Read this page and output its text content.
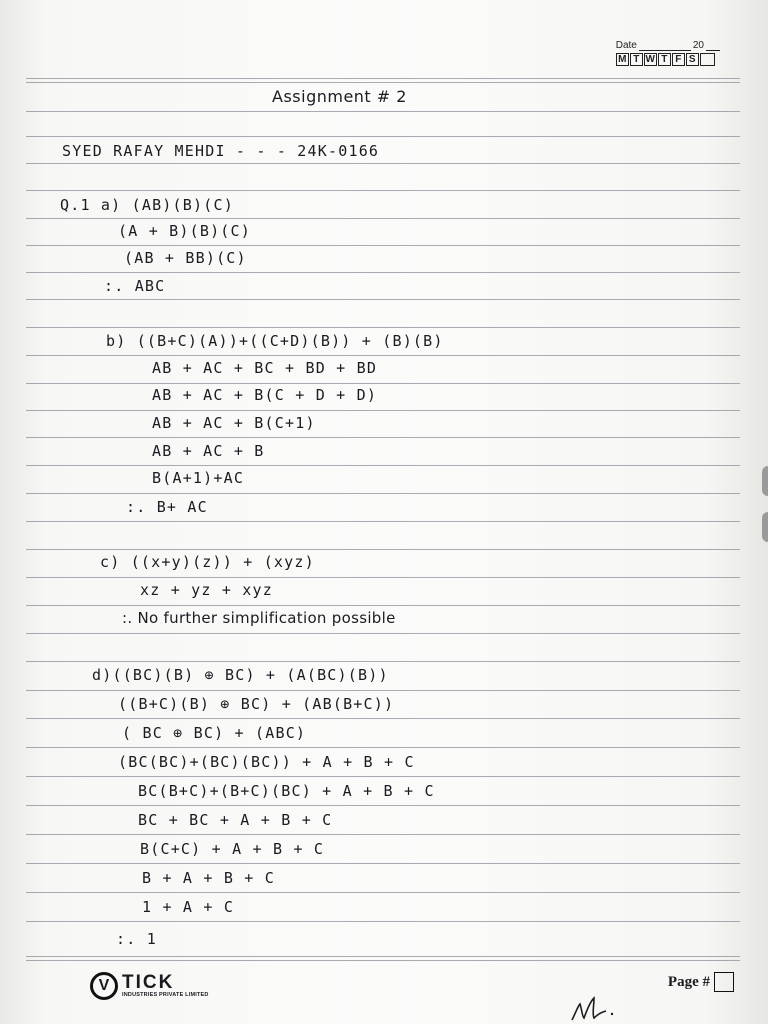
Date	20
M T W T F S
Assignment # 2
SYED RAFAY MEHDI - - - 24K-0166
Q.1 a) (AB)(B)(C)
(A + B)(B)(C)
(AB + BB)(C)
:. ABC
b) ((B+C)(A))+((C+D)(B)) + (B)(B)
AB + AC + BC + BD + BD
AB + AC + B(C + D + D)
AB + AC + B(C+1)
AB + AC + B
B(A+1)+AC
:. B+ AC
c) ((x+y)(z)) + (xyz)
xz + yz + xyz
:. No further simplification possible
d)((BC)(B) ⊕ BC) + (A(BC)(B))
((B+C)(B) ⊕ BC) + (AB(B+C))
( BC ⊕ BC) + (ABC)
(BC(BC)+(BC)(BC)) + A + B + C
BC(B+C)+(B+C)(BC) + A + B + C
BC + BC + A + B + C
B(C+C) + A + B + C
B + A + B + C
1 + A + C
:. 1
V TICK
INDUSTRIES PRIVATE LIMITED
Page #
